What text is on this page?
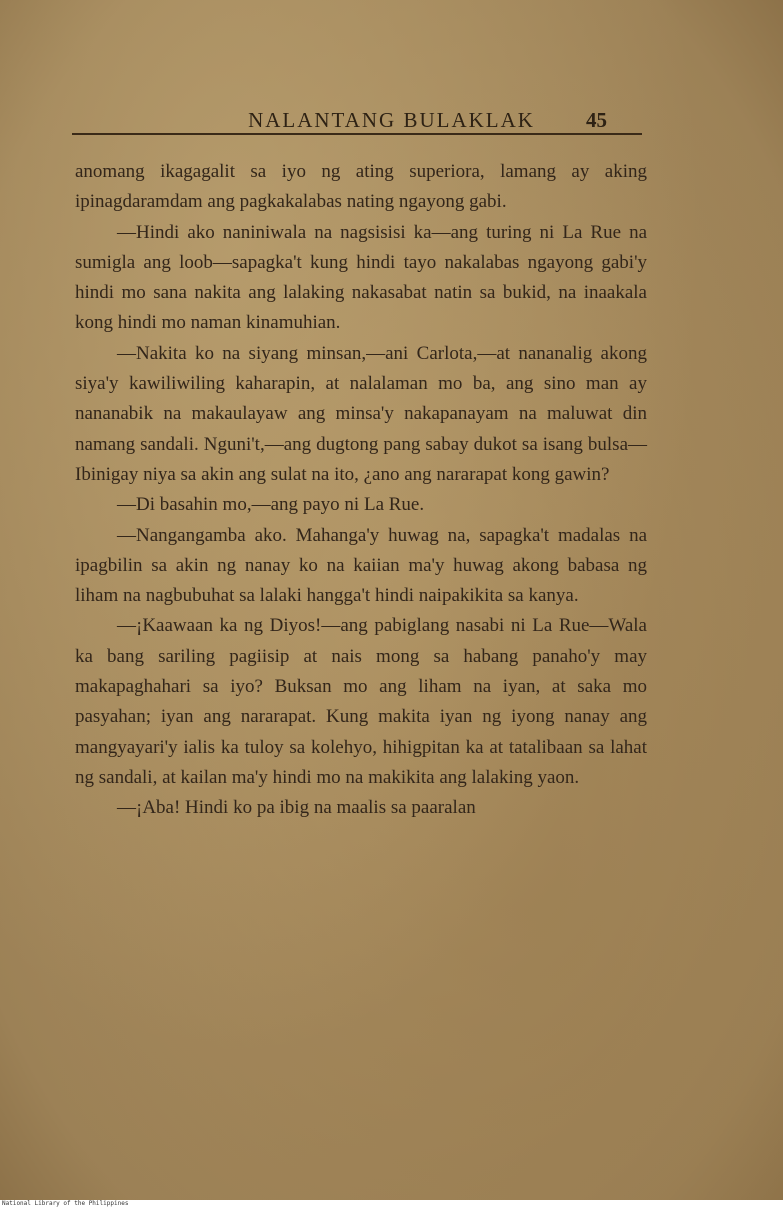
NALANTANG BULAKLAK	45

anomang ikagagalit sa iyo ng ating superiora, lamang ay aking ipinagdaramdam ang pagkakalabas nating ngayong gabi.

—Hindi ako naniniwala na nagsisisi ka—ang turing ni La Rue na sumigla ang loob—sapagka't kung hindi tayo nakalabas ngayong gabi'y hindi mo sana nakita ang lalaking nakasabat natin sa bukid, na inaakala kong hindi mo naman kinamuhian.

—Nakita ko na siyang minsan,—ani Carlota,—at nananalig akong siya'y kawiliwiling kaharapin, at nalalaman mo ba, ang sino man ay nananabik na makaulayaw ang minsa'y nakapanayam na maluwat din namang sandali. Nguni't,—ang dugtong pang sabay dukot sa isang bulsa—Ibinigay niya sa akin ang sulat na ito, ¿ano ang nararapat kong gawin?

—Di basahin mo,—ang payo ni La Rue.

—Nangangamba ako. Mahanga'y huwag na, sapagka't madalas na ipagbilin sa akin ng nanay ko na kaiian ma'y huwag akong babasa ng liham na nagbubuhat sa lalaki hangga't hindi naipakikita sa kanya.

—¡Kaawaan ka ng Diyos!—ang pabiglang nasabi ni La Rue—Wala ka bang sariling pagiisip at nais mong sa habang panaho'y may makapaghahari sa iyo? Buksan mo ang liham na iyan, at saka mo pasyahan; iyan ang nararapat. Kung makita iyan ng iyong nanay ang mangyayari'y ialis ka tuloy sa kolehyo, hihigpitan ka at tatalibaan sa lahat ng sandali, at kailan ma'y hindi mo na makikita ang lalaking yaon.

—¡Aba! Hindi ko pa ibig na maalis sa paaralan

National Library of the Philippines
